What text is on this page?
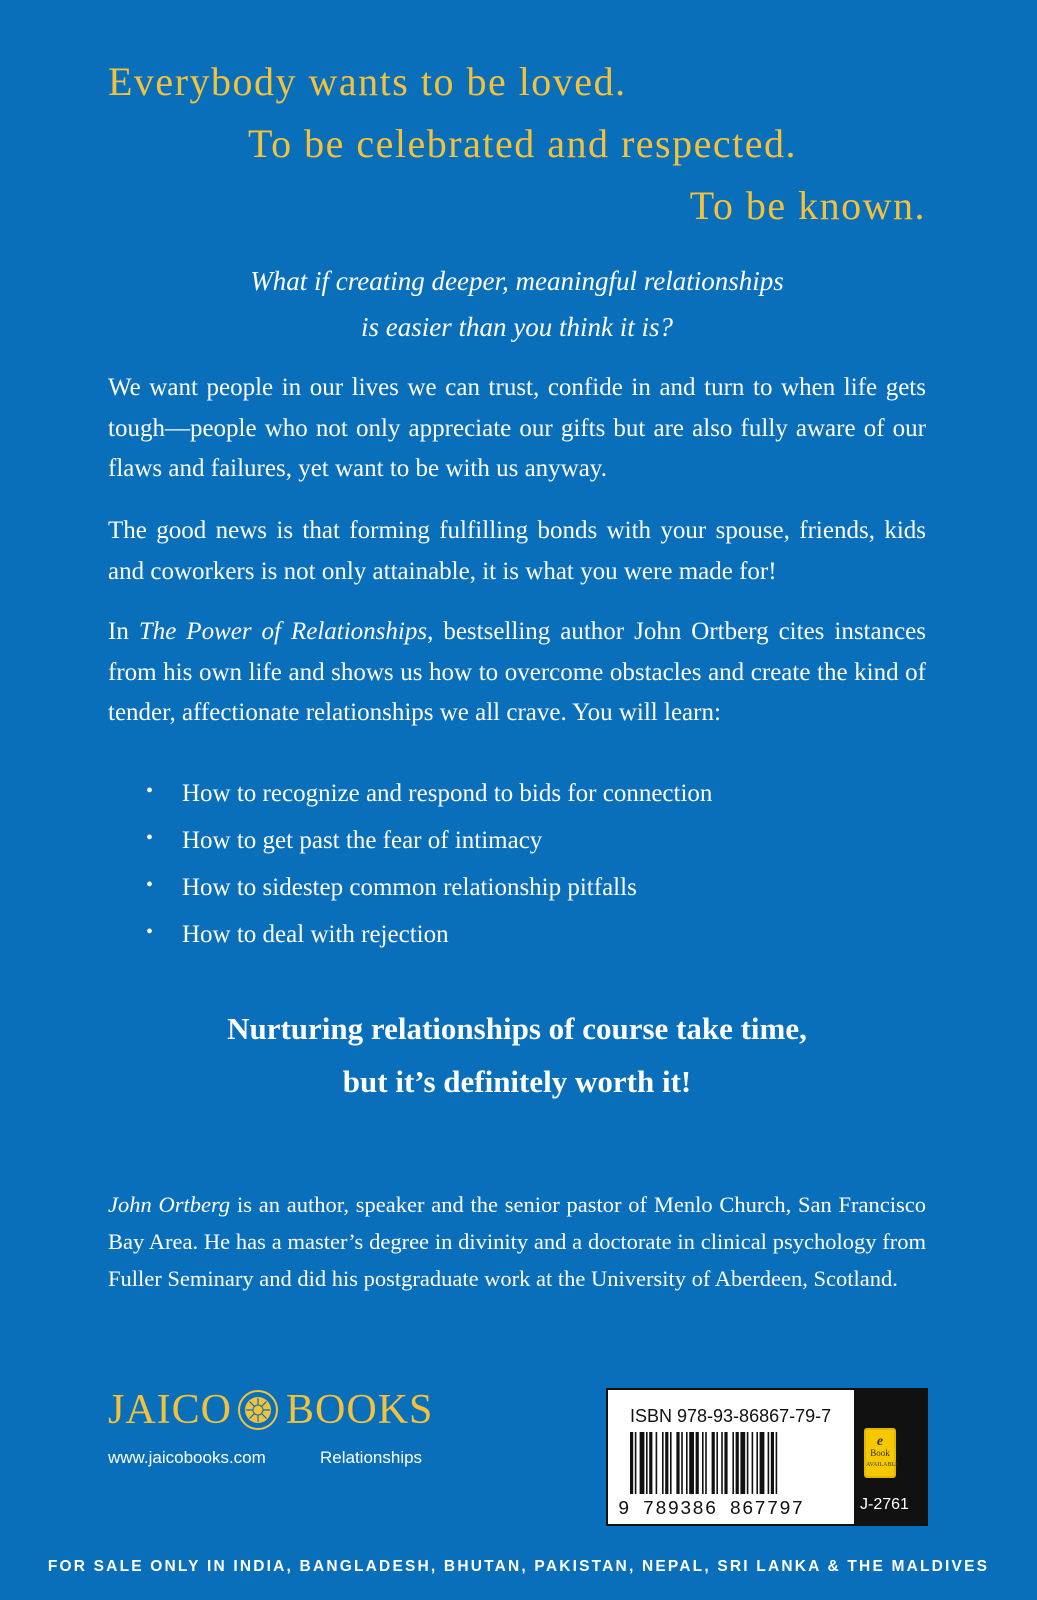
Everybody wants to be loved.
To be celebrated and respected.
To be known.
What if creating deeper, meaningful relationships
is easier than you think it is?

We want people in our lives we can trust, confide in and turn to when life gets tough—people who not only appreciate our gifts but are also fully aware of our flaws and failures, yet want to be with us anyway.

The good news is that forming fulfilling bonds with your spouse, friends, kids and coworkers is not only attainable, it is what you were made for!

In The Power of Relationships, bestselling author John Ortberg cites instances from his own life and shows us how to overcome obstacles and create the kind of tender, affectionate relationships we all crave. You will learn:

• How to recognize and respond to bids for connection
• How to get past the fear of intimacy
• How to sidestep common relationship pitfalls
• How to deal with rejection
Nurturing relationships of course take time,
but it’s definitely worth it!

John Ortberg is an author, speaker and the senior pastor of Menlo Church, San Francisco Bay Area. He has a master’s degree in divinity and a doctorate in clinical psychology from Fuller Seminary and did his postgraduate work at the University of Aberdeen, Scotland.

JAICO BOOKS
www.jaicobooks.com	Relationships
ISBN 978-93-86867-79-7
9 789386 867797
e
Book
AVAILABLE
J-2761
FOR SALE ONLY IN INDIA, BANGLADESH, BHUTAN, PAKISTAN, NEPAL, SRI LANKA & THE MALDIVES
